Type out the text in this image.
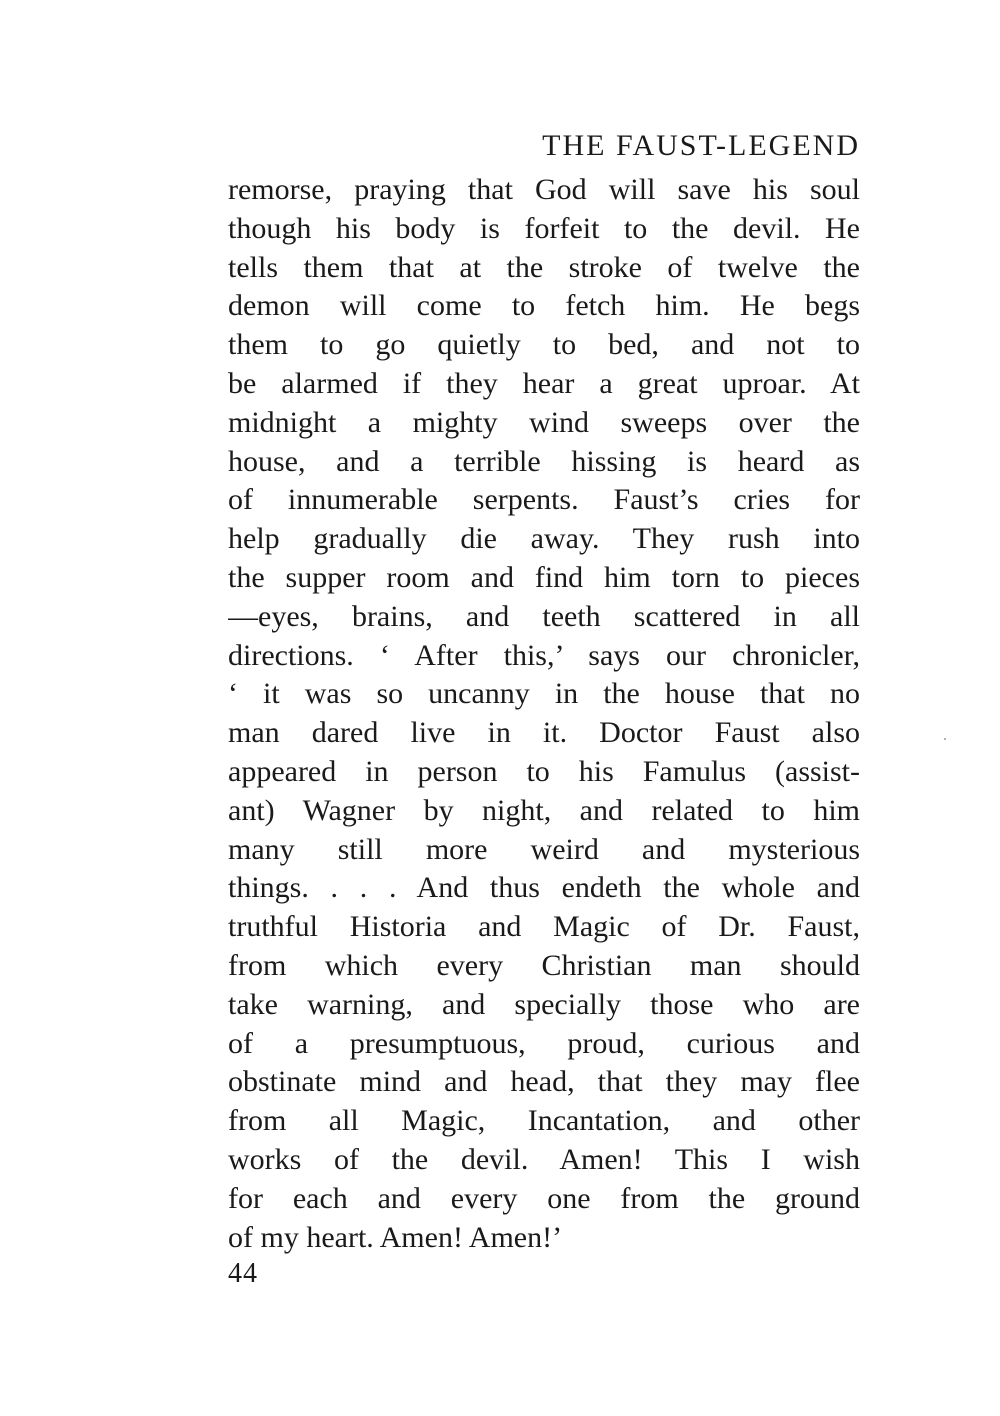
THE FAUST-LEGEND
remorse, praying that God will save his soul
though his body is forfeit to the devil. He
tells them that at the stroke of twelve the
demon will come to fetch him. He begs
them to go quietly to bed, and not to
be alarmed if they hear a great uproar. At
midnight a mighty wind sweeps over the
house, and a terrible hissing is heard as
of innumerable serpents. Faust’s cries for
help gradually die away. They rush into
the supper room and find him torn to pieces
—eyes, brains, and teeth scattered in all
directions. ‘ After this,’ says our chronicler,
‘ it was so uncanny in the house that no
man dared live in it. Doctor Faust also
appeared in person to his Famulus (assist-
ant) Wagner by night, and related to him
many still more weird and mysterious
things. . . . And thus endeth the whole and
truthful Historia and Magic of Dr. Faust,
from which every Christian man should
take warning, and specially those who are
of a presumptuous, proud, curious and
obstinate mind and head, that they may flee
from all Magic, Incantation, and other
works of the devil. Amen! This I wish
for each and every one from the ground
of my heart. Amen! Amen!’
44
